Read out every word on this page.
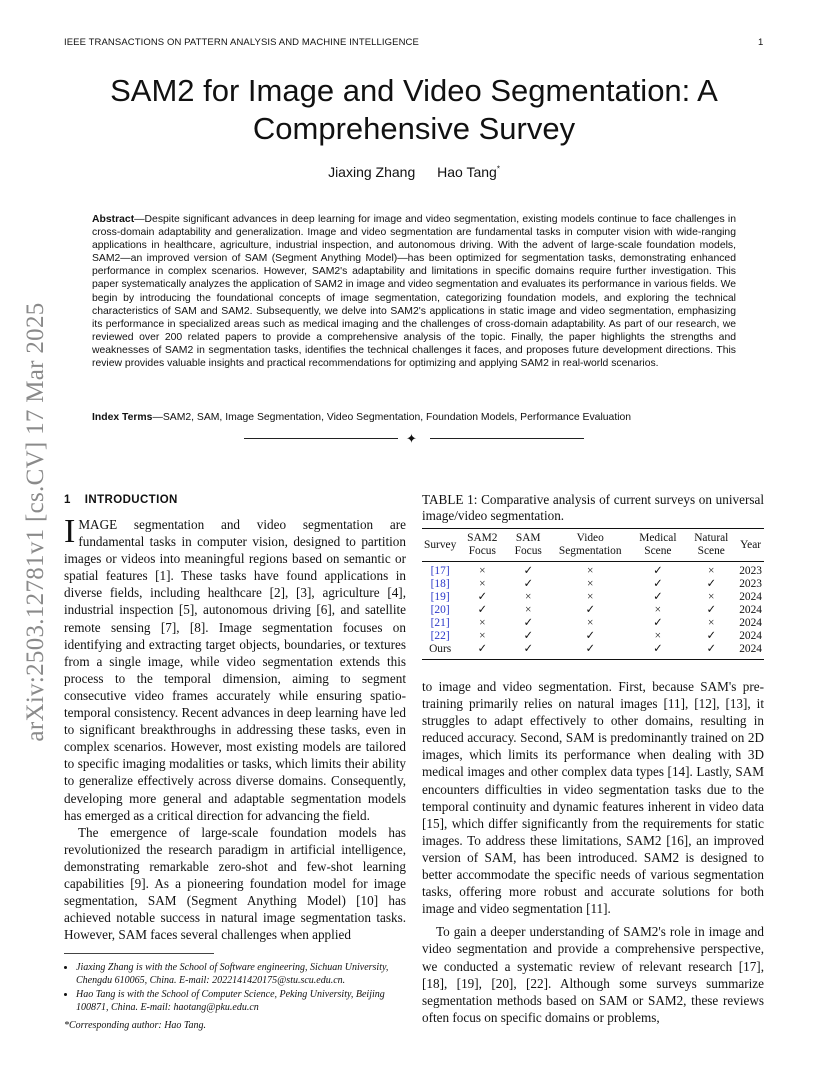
IEEE TRANSACTIONS ON PATTERN ANALYSIS AND MACHINE INTELLIGENCE	1
arXiv:2503.12781v1 [cs.CV] 17 Mar 2025
SAM2 for Image and Video Segmentation: A Comprehensive Survey
Jiaxing Zhang Hao Tang*
Abstract—Despite significant advances in deep learning for image and video segmentation, existing models continue to face challenges in cross-domain adaptability and generalization. Image and video segmentation are fundamental tasks in computer vision with wide-ranging applications in healthcare, agriculture, industrial inspection, and autonomous driving. With the advent of large-scale foundation models, SAM2—an improved version of SAM (Segment Anything Model)—has been optimized for segmentation tasks, demonstrating enhanced performance in complex scenarios. However, SAM2's adaptability and limitations in specific domains require further investigation. This paper systematically analyzes the application of SAM2 in image and video segmentation and evaluates its performance in various fields. We begin by introducing the foundational concepts of image segmentation, categorizing foundation models, and exploring the technical characteristics of SAM and SAM2. Subsequently, we delve into SAM2's applications in static image and video segmentation, emphasizing its performance in specialized areas such as medical imaging and the challenges of cross-domain adaptability. As part of our research, we reviewed over 200 related papers to provide a comprehensive analysis of the topic. Finally, the paper highlights the strengths and weaknesses of SAM2 in segmentation tasks, identifies the technical challenges it faces, and proposes future development directions. This review provides valuable insights and practical recommendations for optimizing and applying SAM2 in real-world scenarios.
Index Terms—SAM2, SAM, Image Segmentation, Video Segmentation, Foundation Models, Performance Evaluation
✦
1 INTRODUCTION

IMAGE segmentation and video segmentation are fundamental tasks in computer vision, designed to partition images or videos into meaningful regions based on semantic or spatial features [1]. These tasks have found applications in diverse fields, including healthcare [2], [3], agriculture [4], industrial inspection [5], autonomous driving [6], and satellite remote sensing [7], [8]. Image segmentation focuses on identifying and extracting target objects, boundaries, or textures from a single image, while video segmentation extends this process to the temporal dimension, aiming to segment consecutive video frames accurately while ensuring spatio-temporal consistency. Recent advances in deep learning have led to significant breakthroughs in addressing these tasks, even in complex scenarios. However, most existing models are tailored to specific imaging modalities or tasks, which limits their ability to generalize effectively across diverse domains. Consequently, developing more general and adaptable segmentation models has emerged as a critical direction for advancing the field.

The emergence of large-scale foundation models has revolutionized the research paradigm in artificial intelligence, demonstrating remarkable zero-shot and few-shot learning capabilities [9]. As a pioneering foundation model for image segmentation, SAM (Segment Anything Model) [10] has achieved notable success in natural image segmentation tasks. However, SAM faces several challenges when applied

• Jiaxing Zhang is with the School of Software engineering, Sichuan University, Chengdu 610065, China. E-mail: 2022141420175@stu.scu.edu.cn.
• Hao Tang is with the School of Computer Science, Peking University, Beijing 100871, China. E-mail: haotang@pku.edu.cn
*Corresponding author: Hao Tang.
TABLE 1: Comparative analysis of current surveys on universal image/video segmentation.
Survey	SAM2 Focus	SAM Focus	Video Segmentation	Medical Scene	Natural Scene	Year
[17]	×	✓	×	✓	×	2023
[18]	×	✓	×	✓	✓	2023
[19]	✓	×	×	✓	×	2024
[20]	✓	×	✓	×	✓	2024
[21]	×	✓	×	✓	×	2024
[22]	×	✓	✓	×	✓	2024
Ours	✓	✓	✓	✓	✓	2024

to image and video segmentation. First, because SAM's pre-training primarily relies on natural images [11], [12], [13], it struggles to adapt effectively to other domains, resulting in reduced accuracy. Second, SAM is predominantly trained on 2D images, which limits its performance when dealing with 3D medical images and other complex data types [14]. Lastly, SAM encounters difficulties in video segmentation tasks due to the temporal continuity and dynamic features inherent in video data [15], which differ significantly from the requirements for static images. To address these limitations, SAM2 [16], an improved version of SAM, has been introduced. SAM2 is designed to better accommodate the specific needs of various segmentation tasks, offering more robust and accurate solutions for both image and video segmentation [11].

To gain a deeper understanding of SAM2's role in image and video segmentation and provide a comprehensive perspective, we conducted a systematic review of relevant research [17], [18], [19], [20], [22]. Although some surveys summarize segmentation methods based on SAM or SAM2, these reviews often focus on specific domains or problems,
